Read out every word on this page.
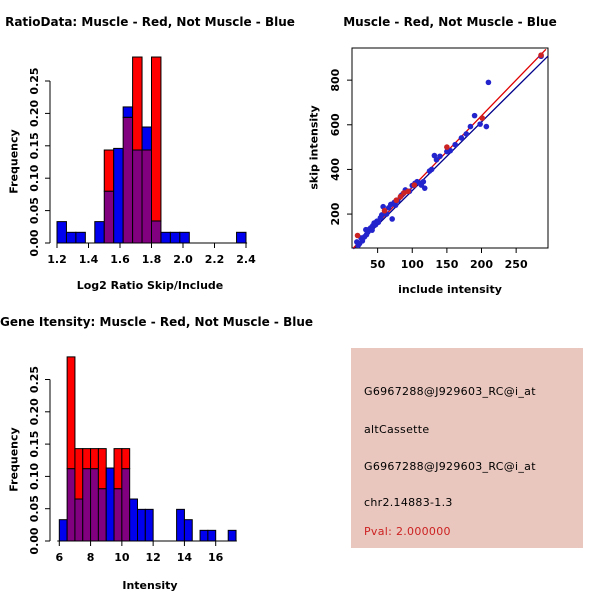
RatioData: Muscle - Red, Not Muscle - Blue
1.2 1.4 1.6 1.8 2.0 2.2 2.4
0.00
0.05
0.10
0.15
0.20
0.25
Log2 Ratio Skip/Include
Frequency
Muscle - Red, Not Muscle - Blue
50 100 150 200 250
200
400
600
800
include intensity
skip intensity
Gene Itensity: Muscle - Red, Not Muscle - Blue
6 8 10 12 14 16
0.00
0.05
0.10
0.15
0.20
0.25
Intensity
Frequency
G6967288@J929603_RC@i_at
altCassette
G6967288@J929603_RC@i_at
chr2.14883-1.3
Pval: 2.000000
